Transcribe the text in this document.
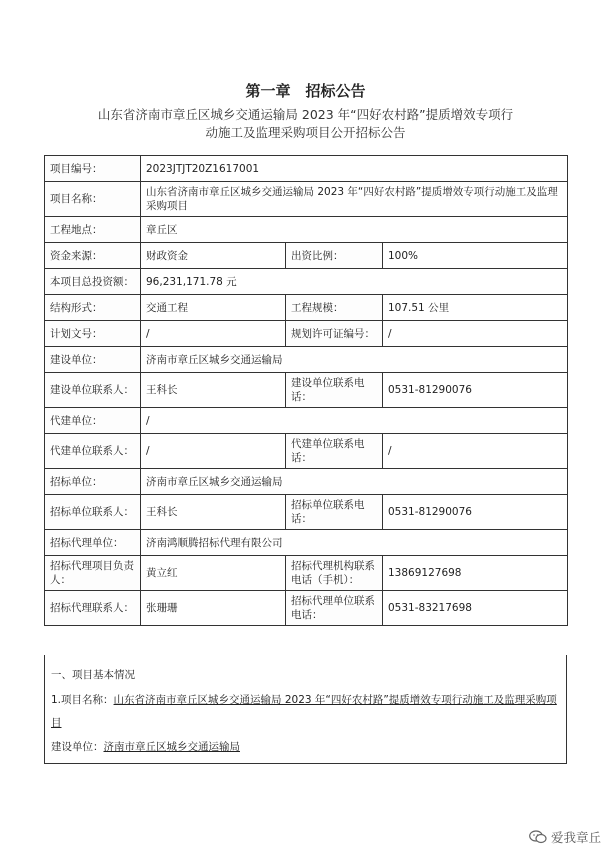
第一章　招标公告
山东省济南市章丘区城乡交通运输局 2023 年“四好农村路”提质增效专项行
动施工及监理采购项目公开招标公告
项目编号：	2023JTJT20Z1617001		
项目名称：	山东省济南市章丘区城乡交通运输局 2023 年“四好农村路”提质增效专项行动施工及监理采购项目		
工程地点：	章丘区		
资金来源：	财政资金	出资比例：	100%
本项目总投资额：	96,231,171.78 元		
结构形式：	交通工程	工程规模：	107.51 公里
计划文号：	/	规划许可证编号：	/
建设单位：	济南市章丘区城乡交通运输局		
建设单位联系人：	王科长	建设单位联系电话：	0531-81290076
代建单位：	/		
代建单位联系人：	/	代建单位联系电话：	/
招标单位：	济南市章丘区城乡交通运输局		
招标单位联系人：	王科长	招标单位联系电话：	0531-81290076
招标代理单位：	济南鸿顺腾招标代理有限公司		
招标代理项目负责人：	黄立红	招标代理机构联系电话（手机）：	13869127698
招标代理联系人：	张珊珊	招标代理单位联系电话：	0531-83217698
一、项目基本情况
1.项目名称：山东省济南市章丘区城乡交通运输局 2023 年“四好农村路”提质增效专项行动施工及监理采购项
目
建设单位：济南市章丘区城乡交通运输局
爱我章丘
